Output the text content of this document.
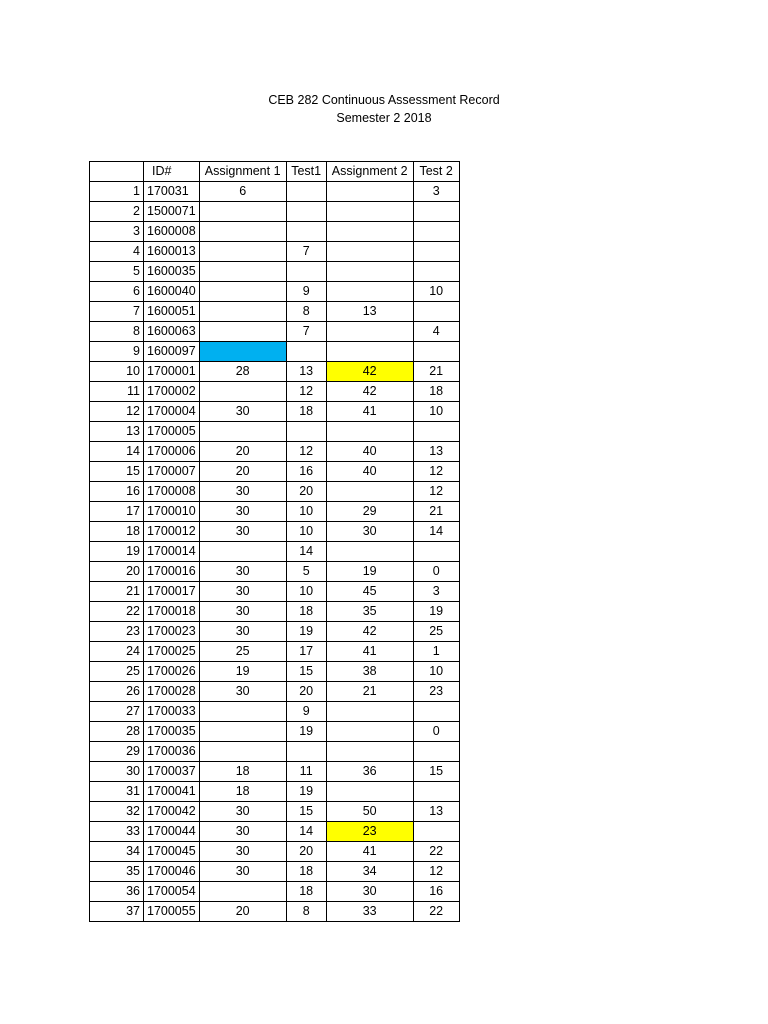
CEB 282 Continuous Assessment Record
Semester 2 2018
	ID#	Assignment 1	Test1	Assignment 2	Test 2
1	170031	6			3
2	1500071				
3	1600008				
4	1600013		7		
5	1600035				
6	1600040		9		10
7	1600051		8	13	
8	1600063		7		4
9	1600097				
10	1700001	28	13	42	21
11	1700002		12	42	18
12	1700004	30	18	41	10
13	1700005				
14	1700006	20	12	40	13
15	1700007	20	16	40	12
16	1700008	30	20		12
17	1700010	30	10	29	21
18	1700012	30	10	30	14
19	1700014		14		
20	1700016	30	5	19	0
21	1700017	30	10	45	3
22	1700018	30	18	35	19
23	1700023	30	19	42	25
24	1700025	25	17	41	1
25	1700026	19	15	38	10
26	1700028	30	20	21	23
27	1700033		9		
28	1700035		19		0
29	1700036				
30	1700037	18	11	36	15
31	1700041	18	19		
32	1700042	30	15	50	13
33	1700044	30	14	23	
34	1700045	30	20	41	22
35	1700046	30	18	34	12
36	1700054		18	30	16
37	1700055	20	8	33	22
